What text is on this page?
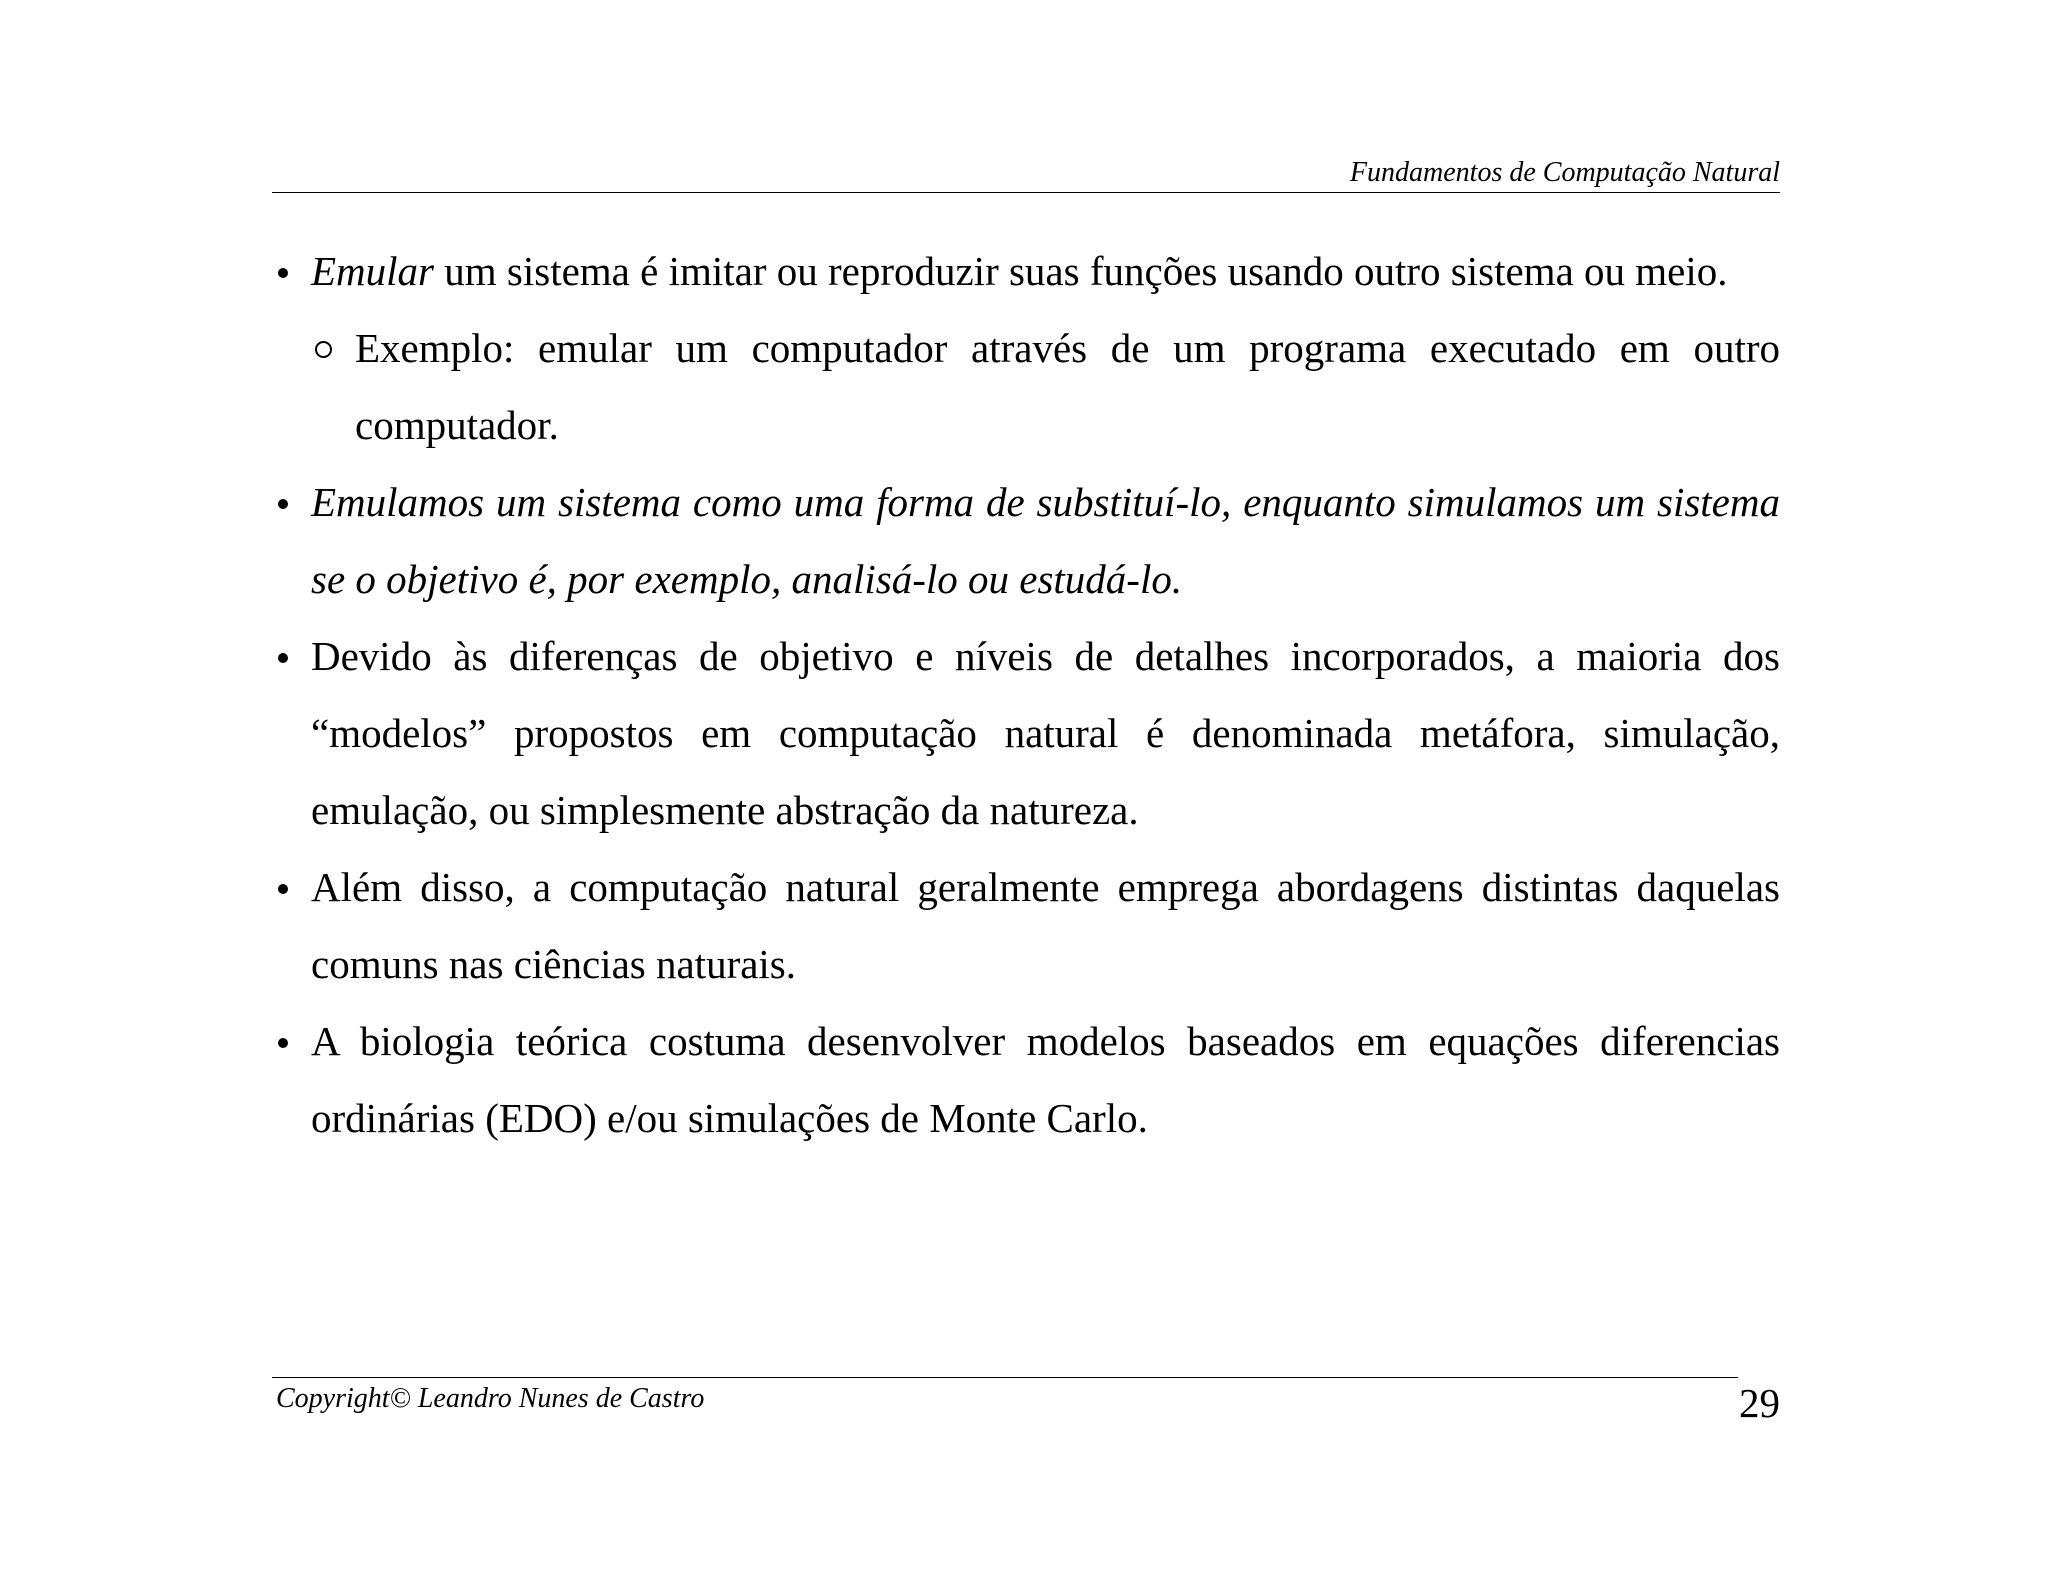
Fundamentos de Computação Natural
Emular um sistema é imitar ou reproduzir suas funções usando outro sistema ou meio.
Exemplo: emular um computador através de um programa executado em outro computador.
Emulamos um sistema como uma forma de substituí-lo, enquanto simulamos um sistema se o objetivo é, por exemplo, analisá-lo ou estudá-lo.
Devido às diferenças de objetivo e níveis de detalhes incorporados, a maioria dos “modelos” propostos em computação natural é denominada metáfora, simulação, emulação, ou simplesmente abstração da natureza.
Além disso, a computação natural geralmente emprega abordagens distintas daquelas comuns nas ciências naturais.
A biologia teórica costuma desenvolver modelos baseados em equações diferencias ordinárias (EDO) e/ou simulações de Monte Carlo.
Copyright© Leandro Nunes de Castro	29
